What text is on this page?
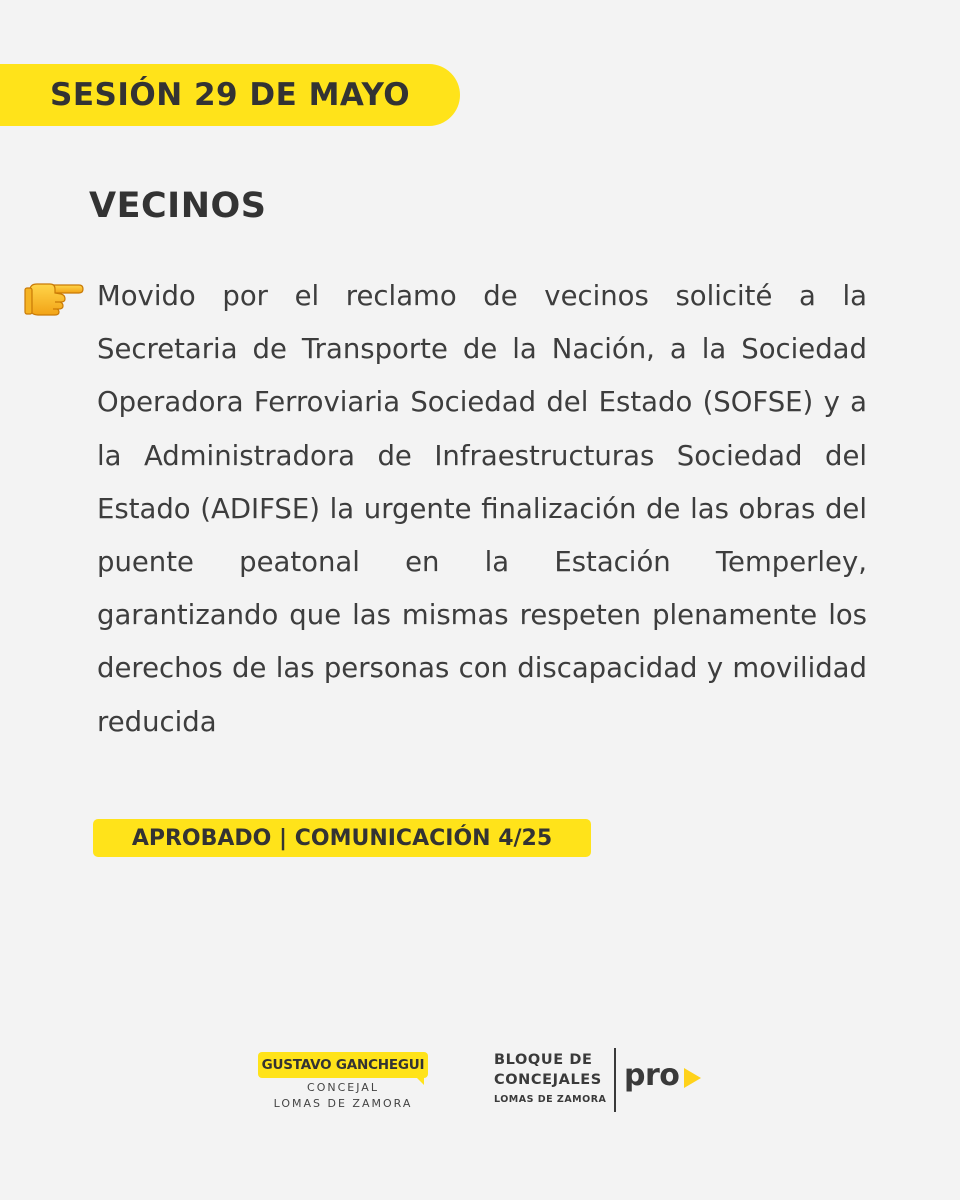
SESIÓN 29 DE MAYO
VECINOS

Movido por el reclamo de vecinos solicité a la Secretaria de Transporte de la Nación, a la Sociedad Operadora Ferroviaria Sociedad del Estado (SOFSE) y a la Administradora de Infraestructuras Sociedad del Estado (ADIFSE) la urgente finalización de las obras del puente peatonal en la Estación Temperley, garantizando que las mismas respeten plenamente los derechos de las personas con discapacidad y movilidad reducida

APROBADO | COMUNICACIÓN 4/25
GUSTAVO GANCHEGUI
CONCEJAL
LOMAS DE ZAMORA
BLOQUE DE
CONCEJALES
LOMAS DE ZAMORA
pro
